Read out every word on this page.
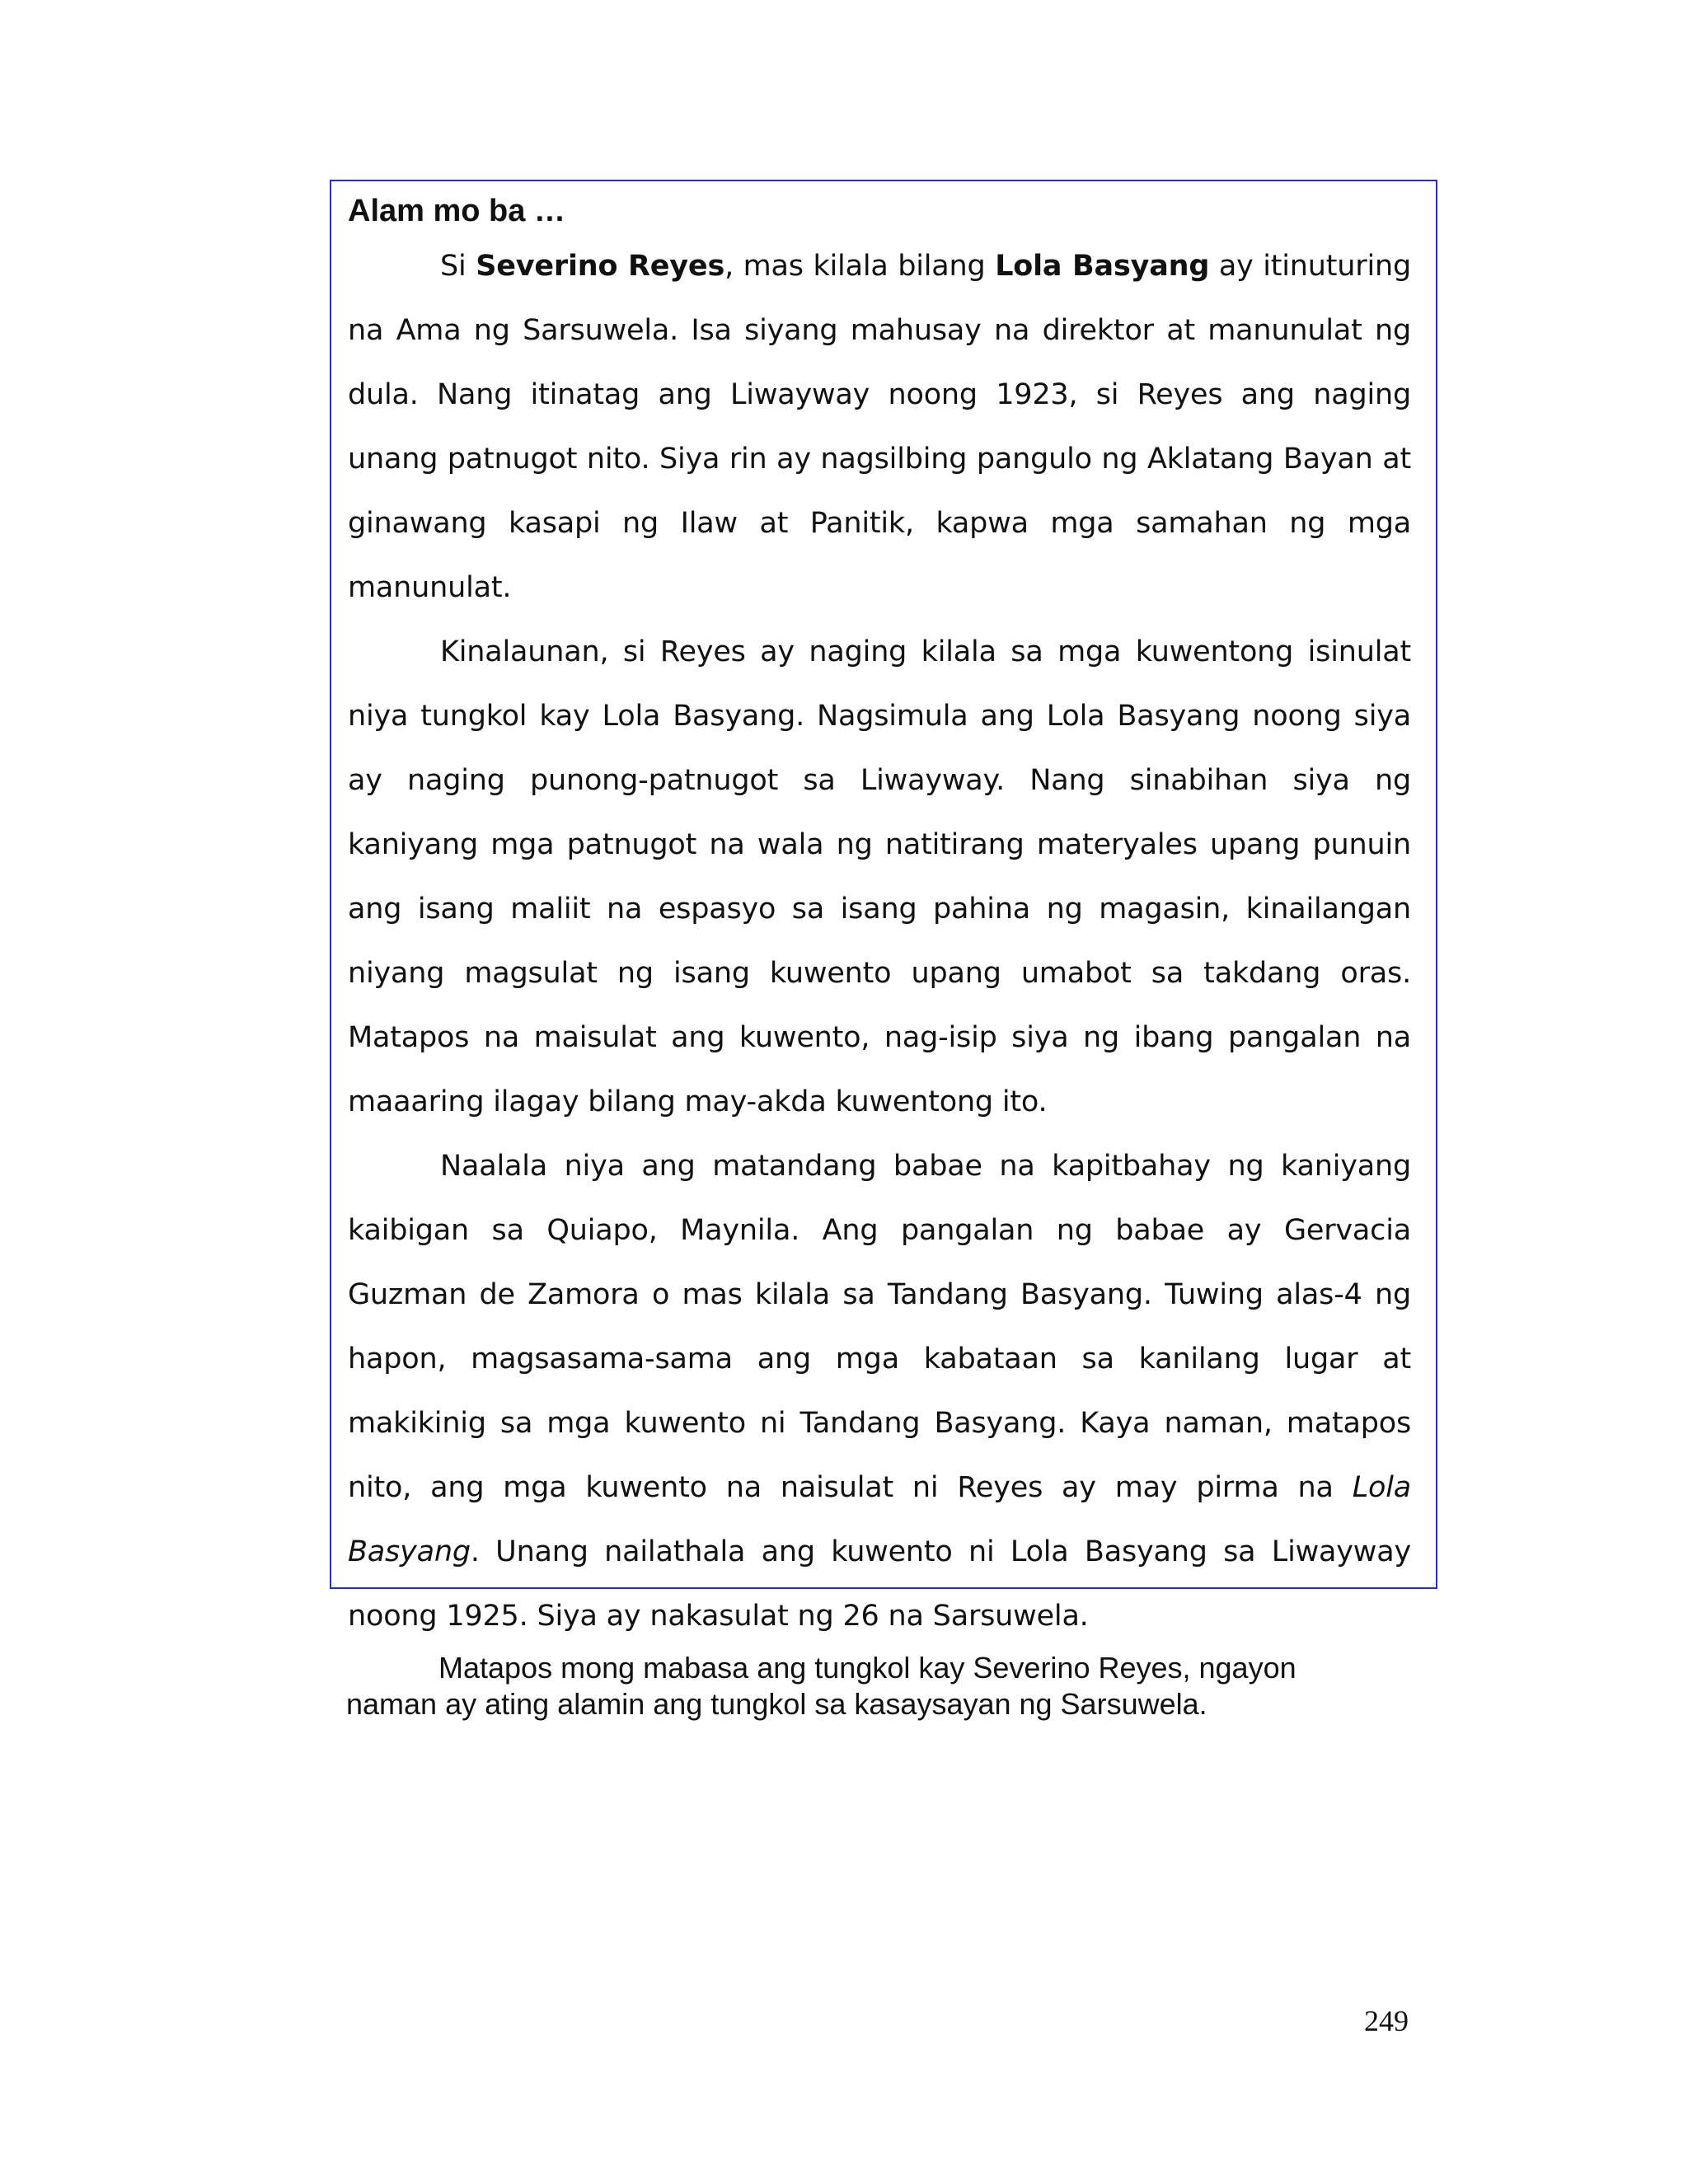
Alam mo ba …

Si Severino Reyes, mas kilala bilang Lola Basyang ay itinuturing na Ama ng Sarsuwela. Isa siyang mahusay na direktor at manunulat ng dula. Nang itinatag ang Liwayway noong 1923, si Reyes ang naging unang patnugot nito. Siya rin ay nagsilbing pangulo ng Aklatang Bayan at ginawang kasapi ng Ilaw at Panitik, kapwa mga samahan ng mga manunulat.

Kinalaunan, si Reyes ay naging kilala sa mga kuwentong isinulat niya tungkol kay Lola Basyang. Nagsimula ang Lola Basyang noong siya ay naging punong-patnugot sa Liwayway. Nang sinabihan siya ng kaniyang mga patnugot na wala ng natitirang materyales upang punuin ang isang maliit na espasyo sa isang pahina ng magasin, kinailangan niyang magsulat ng isang kuwento upang umabot sa takdang oras. Matapos na maisulat ang kuwento, nag-isip siya ng ibang pangalan na maaaring ilagay bilang may-akda kuwentong ito.

Naalala niya ang matandang babae na kapitbahay ng kaniyang kaibigan sa Quiapo, Maynila. Ang pangalan ng babae ay Gervacia Guzman de Zamora o mas kilala sa Tandang Basyang. Tuwing alas-4 ng hapon, magsasama-sama ang mga kabataan sa kanilang lugar at makikinig sa mga kuwento ni Tandang Basyang. Kaya naman, matapos nito, ang mga kuwento na naisulat ni Reyes ay may pirma na Lola Basyang. Unang nailathala ang kuwento ni Lola Basyang sa Liwayway noong 1925. Siya ay nakasulat ng 26 na Sarsuwela.

Matapos mong mabasa ang tungkol kay Severino Reyes, ngayon naman ay ating alamin ang tungkol sa kasaysayan ng Sarsuwela.

249
